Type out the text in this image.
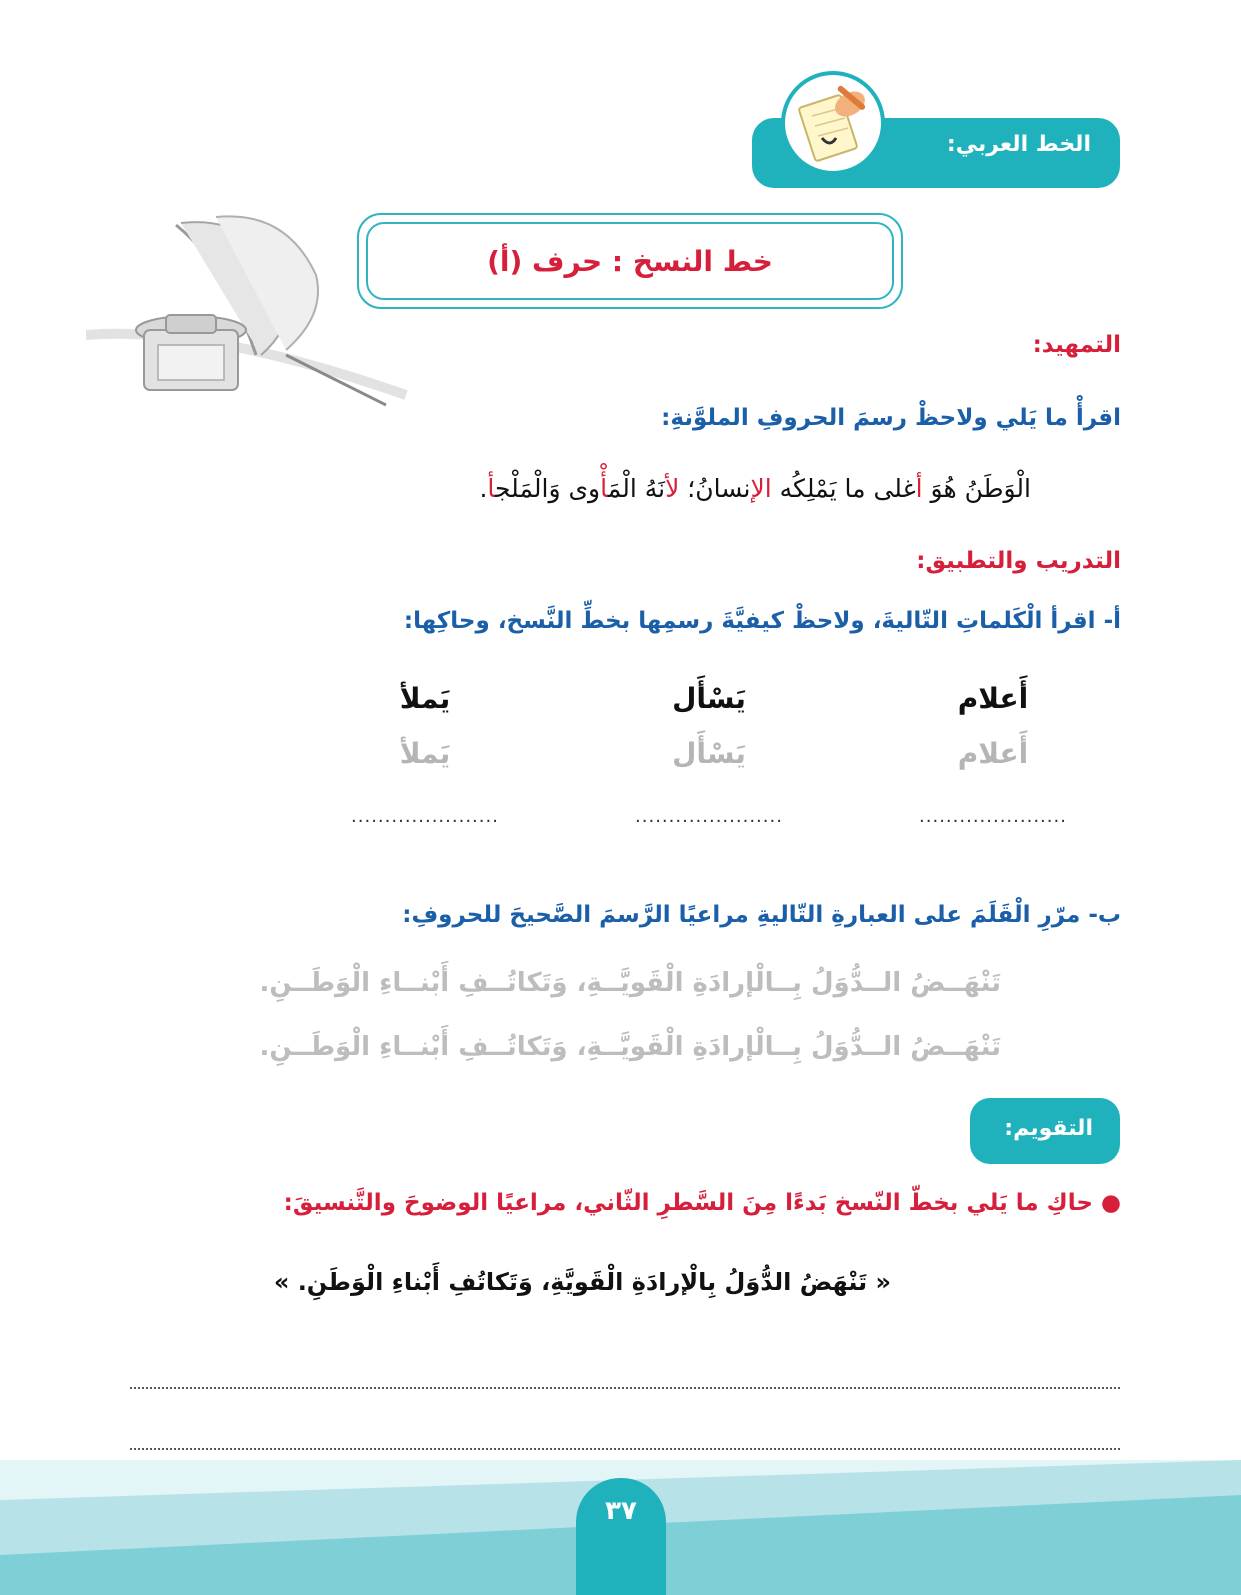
الخط العربي:
خط النسخ : حرف (أ)
التمهيد:
اقرأْ ما يَلي ولاحظْ رسمَ الحروفِ الملوَّنةِ:
الْوَطَنُ هُوَ أغلى ما يَمْلِكُه الإنسانُ؛ لأنَهُ الْمَأْوى وَالْمَلْجأ.
التدريب والتطبيق:
أ- اقرأ الْكَلماتِ التّاليةَ، ولاحظْ كيفيَّةَ رسمِها بخطِّ النَّسخ، وحاكِها:
أَعلام
أَعلام
......................
يَسْأَل
يَسْأَل
......................
يَملأ
يَملأ
......................
ب- مرّرِ الْقَلَمَ على العبارةِ التّاليةِ مراعيًا الرَّسمَ الصَّحيحَ للحروفِ:
تَنْهَــضُ الــدُّوَلُ بِــالْإرادَةِ الْقَويَّــةِ، وَتَكاتُــفِ أَبْنــاءِ الْوَطَــنِ.
تَنْهَــضُ الــدُّوَلُ بِــالْإرادَةِ الْقَويَّــةِ، وَتَكاتُــفِ أَبْنــاءِ الْوَطَــنِ.
التقويم:
● حاكِ ما يَلي بخطّ النّسخ بَدءًا مِنَ السَّطرِ الثّاني، مراعيًا الوضوحَ والتَّنسيقَ:
« تَنْهَضُ الدُّوَلُ بِالْإرادَةِ الْقَويَّةِ، وَتَكاتُفِ أَبْناءِ الْوَطَنِ. »
٣٧
